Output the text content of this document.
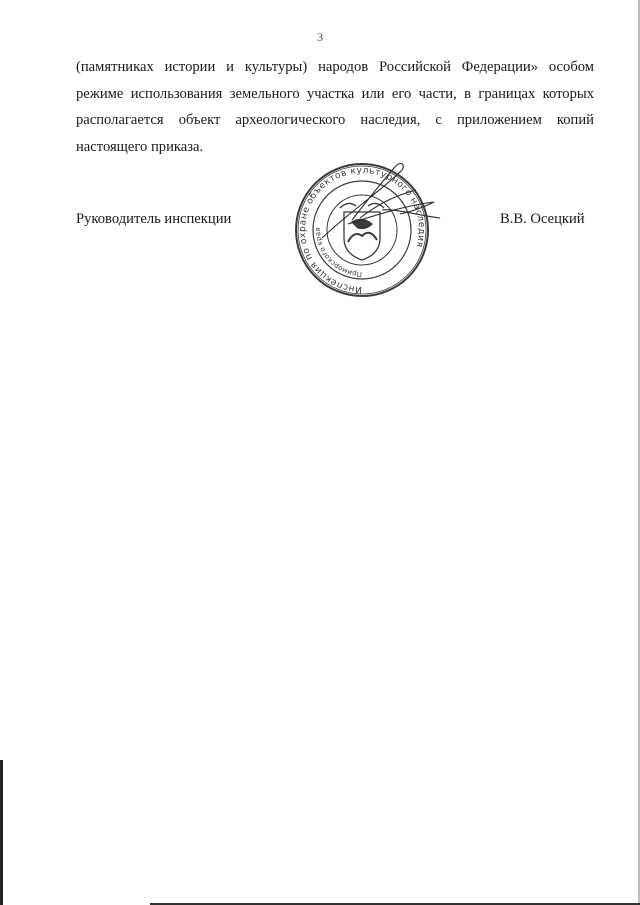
3
(памятниках истории и культуры) народов Российской Федерации» особом
режиме использования земельного участка или его части, в границах которых
располагается объект археологического наследия, с приложением копий
настоящего приказа.
Руководитель инспекции	В.В. Осецкий
Инспекция по охране объектов культурного наследия
Приморского края
